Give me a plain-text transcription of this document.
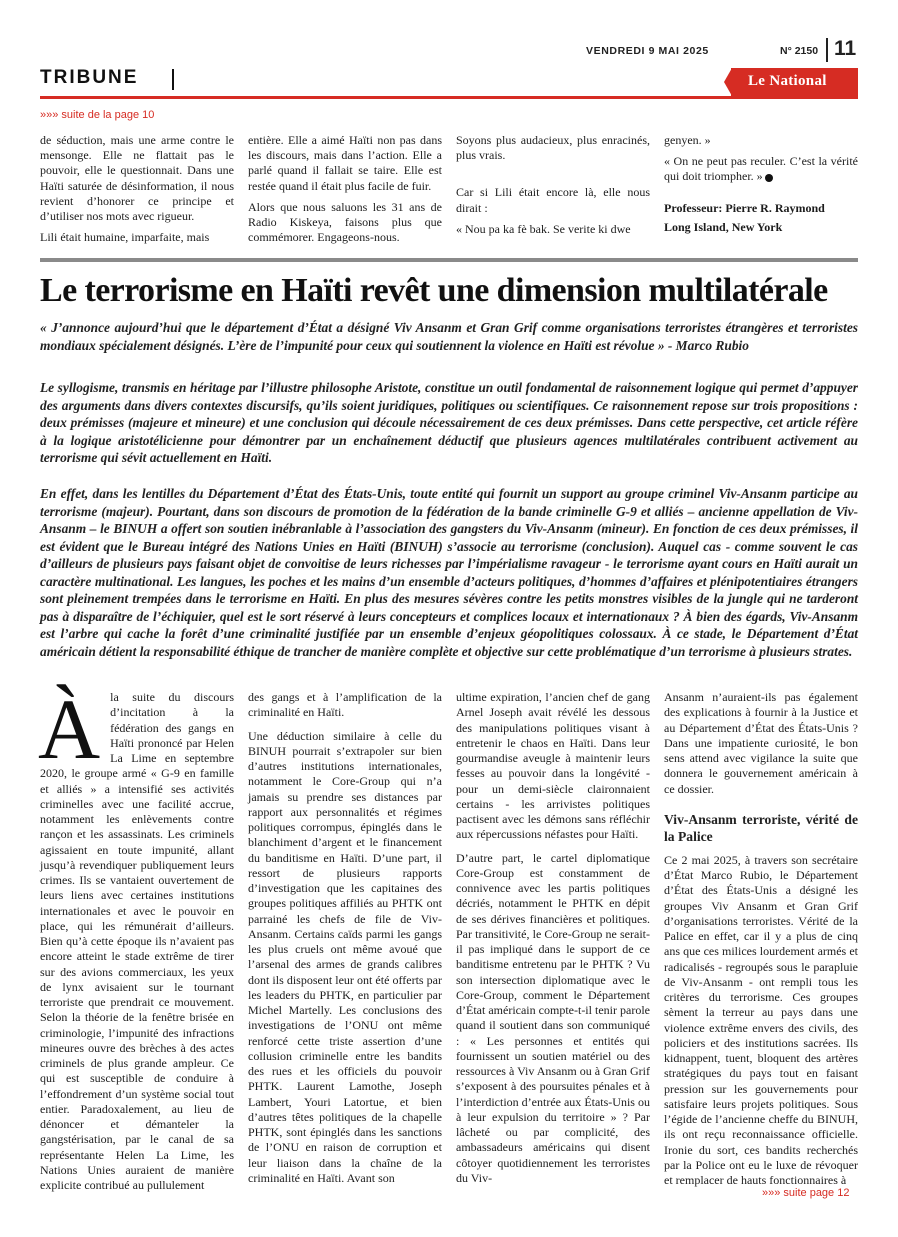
VENDREDI 9 MAI 2025	N° 2150 11
TRIBUNE	Le National
»»» suite de la page 10

de séduction, mais une arme contre le mensonge. Elle ne flattait pas le pouvoir, elle le questionnait. Dans une Haïti saturée de désinformation, il nous revient d’honorer ce principe et d’utiliser nos mots avec rigueur.

Lili était humaine, imparfaite, mais

entière. Elle a aimé Haïti non pas dans les discours, mais dans l’action. Elle a parlé quand il fallait se taire. Elle est restée quand il était plus facile de fuir.

Alors que nous saluons les 31 ans de Radio Kiskeya, faisons plus que commémorer. Engageons-nous.

Soyons plus audacieux, plus enracinés, plus vrais.

Car si Lili était encore là, elle nous dirait :

« Nou pa ka fè bak. Se verite ki dwe

genyen. »

« On ne peut pas reculer. C’est la vérité qui doit triompher. »

Professeur: Pierre R. Raymond
Long Island, New York
Le terrorisme en Haïti revêt une dimension multilatérale

« J’annonce aujourd’hui que le département d’État a désigné Viv Ansanm et Gran Grif comme organisations terroristes étrangères et terroristes mondiaux spécialement désignés. L’ère de l’impunité pour ceux qui soutiennent la violence en Haïti est révolue » - Marco Rubio

Le syllogisme, transmis en héritage par l’illustre philosophe Aristote, constitue un outil fondamental de raisonnement logique qui permet d’appuyer des arguments dans divers contextes discursifs, qu’ils soient juridiques, politiques ou scientifiques. Ce raisonnement repose sur trois propositions : deux prémisses (majeure et mineure) et une conclusion qui découle nécessairement de ces deux prémisses. Dans cette perspective, cet article réfère à la logique aristotélicienne pour démontrer par un enchaînement déductif que plusieurs agences multilatérales contribuent activement au terrorisme qui sévit actuellement en Haïti.

En effet, dans les lentilles du Département d’État des États-Unis, toute entité qui fournit un support au groupe criminel Viv-Ansanm participe au terrorisme (majeur). Pourtant, dans son discours de promotion de la fédération de la bande criminelle G-9 et alliés – ancienne appellation de Viv-Ansanm – le BINUH a offert son soutien inébranlable à l’association des gangsters du Viv-Ansanm (mineur). En fonction de ces deux prémisses, il est évident que le Bureau intégré des Nations Unies en Haïti (BINUH) s’associe au terrorisme (conclusion). Auquel cas - comme souvent le cas d’ailleurs de plusieurs pays faisant objet de convoitise de leurs richesses par l’impérialisme ravageur - le terrorisme ayant cours en Haïti aurait un caractère multinational. Les langues, les poches et les mains d’un ensemble d’acteurs politiques, d’hommes d’affaires et plénipotentiaires étrangers sont pleinement trempées dans le terrorisme en Haïti. En plus des mesures sévères contre les petits monstres visibles de la jungle qui ne tarderont pas à disparaître de l’échiquier, quel est le sort réservé à leurs concepteurs et complices locaux et internationaux ? À bien des égards, Viv-Ansanm est l’arbre qui cache la forêt d’une criminalité justifiée par un ensemble d’enjeux géopolitiques colossaux. À ce stade, le Département d’État américain détient la responsabilité éthique de trancher de manière complète et objective sur cette problématique d’un terrorisme à plusieurs strates.

Àla suite du discours d’incitation à la fédération des gangs en Haïti prononcé par Helen La Lime en septembre 2020, le groupe armé « G-9 en famille et alliés » a intensifié ses activités criminelles avec une facilité accrue, notamment les enlèvements contre rançon et les assassinats. Les criminels agissaient en toute impunité, allant jusqu’à revendiquer publiquement leurs crimes. Ils se vantaient ouvertement de leurs liens avec certaines institutions internationales et avec le pouvoir en place, qui les rémunérait d’ailleurs. Bien qu’à cette époque ils n’avaient pas encore atteint le stade extrême de tirer sur des avions commerciaux, les yeux de lynx avisaient sur le tournant terroriste que prendrait ce mouvement. Selon la théorie de la fenêtre brisée en criminologie, l’impunité des infractions mineures ouvre des brèches à des actes criminels de plus grande ampleur. Ce qui est susceptible de conduire à l’effondrement d’un système social tout entier. Paradoxalement, au lieu de dénoncer et démanteler la gangstérisation, par le canal de sa représentante Helen La Lime, les Nations Unies auraient de manière explicite contribué au pullulement

des gangs et à l’amplification de la criminalité en Haïti.

Une déduction similaire à celle du BINUH pourrait s’extrapoler sur bien d’autres institutions internationales, notamment le Core-Group qui n’a jamais su prendre ses distances par rapport aux personnalités et régimes politiques corrompus, épinglés dans le blanchiment d’argent et le financement du banditisme en Haïti. D’une part, il ressort de plusieurs rapports d’investigation que les capitaines des groupes politiques affiliés au PHTK ont parrainé les chefs de file de Viv-Ansanm. Certains caïds parmi les gangs les plus cruels ont même avoué que l’arsenal des armes de grands calibres dont ils disposent leur ont été offerts par les leaders du PHTK, en particulier par Michel Martelly. Les conclusions des investigations de l’ONU ont même renforcé cette triste assertion d’une collusion criminelle entre les bandits des rues et les officiels du pouvoir PHTK. Laurent Lamothe, Joseph Lambert, Youri Latortue, et bien d’autres têtes politiques de la chapelle PHTK, sont épinglés dans les sanctions de l’ONU en raison de corruption et leur liaison dans la chaîne de la criminalité en Haïti. Avant son

ultime expiration, l’ancien chef de gang Arnel Joseph avait révélé les dessous des manipulations politiques visant à entretenir le chaos en Haïti. Dans leur gourmandise aveugle à maintenir leurs fesses au pouvoir dans la longévité - pour un demi-siècle claironnaient certains - les arrivistes politiques pactisent avec les démons sans réfléchir aux répercussions néfastes pour Haïti.

D’autre part, le cartel diplomatique Core-Group est constamment de connivence avec les partis politiques décriés, notamment le PHTK en dépit de ses dérives financières et politiques. Par transitivité, le Core-Group ne serait-il pas impliqué dans le support de ce banditisme entretenu par le PHTK ? Vu son intersection diplomatique avec le Core-Group, comment le Département d’État américain compte-t-il tenir parole quand il soutient dans son communiqué : « Les personnes et entités qui fournissent un soutien matériel ou des ressources à Viv Ansanm ou à Gran Grif s’exposent à des poursuites pénales et à l’interdiction d’entrée aux États-Unis ou à leur expulsion du territoire » ? Par lâcheté ou par complicité, des ambassadeurs américains qui disent côtoyer quotidiennement les terroristes du Viv-

Ansanm n’auraient-ils pas également des explications à fournir à la Justice et au Département d’État des États-Unis ? Dans une impatiente curiosité, le bon sens attend avec vigilance la suite que donnera le gouvernement américain à ce dossier.

Viv-Ansanm terroriste, vérité de la Palice

Ce 2 mai 2025, à travers son secrétaire d’État Marco Rubio, le Département d’État des États-Unis a désigné les groupes Viv Ansanm et Gran Grif d’organisations terroristes. Vérité de la Palice en effet, car il y a plus de cinq ans que ces milices lourdement armés et radicalisés - regroupés sous le parapluie de Viv-Ansanm - ont rempli tous les critères du terrorisme. Ces groupes sèment la terreur au pays dans une violence extrême envers des civils, des policiers et des institutions sacrées. Ils kidnappent, tuent, bloquent des artères stratégiques du pays tout en faisant pression sur les gouvernements pour satisfaire leurs projets politiques. Sous l’égide de l’ancienne cheffe du BINUH, ils ont reçu reconnaissance officielle. Ironie du sort, ces bandits recherchés par la Police ont eu le luxe de révoquer et remplacer de hauts fonctionnaires à

»»» suite page 12
